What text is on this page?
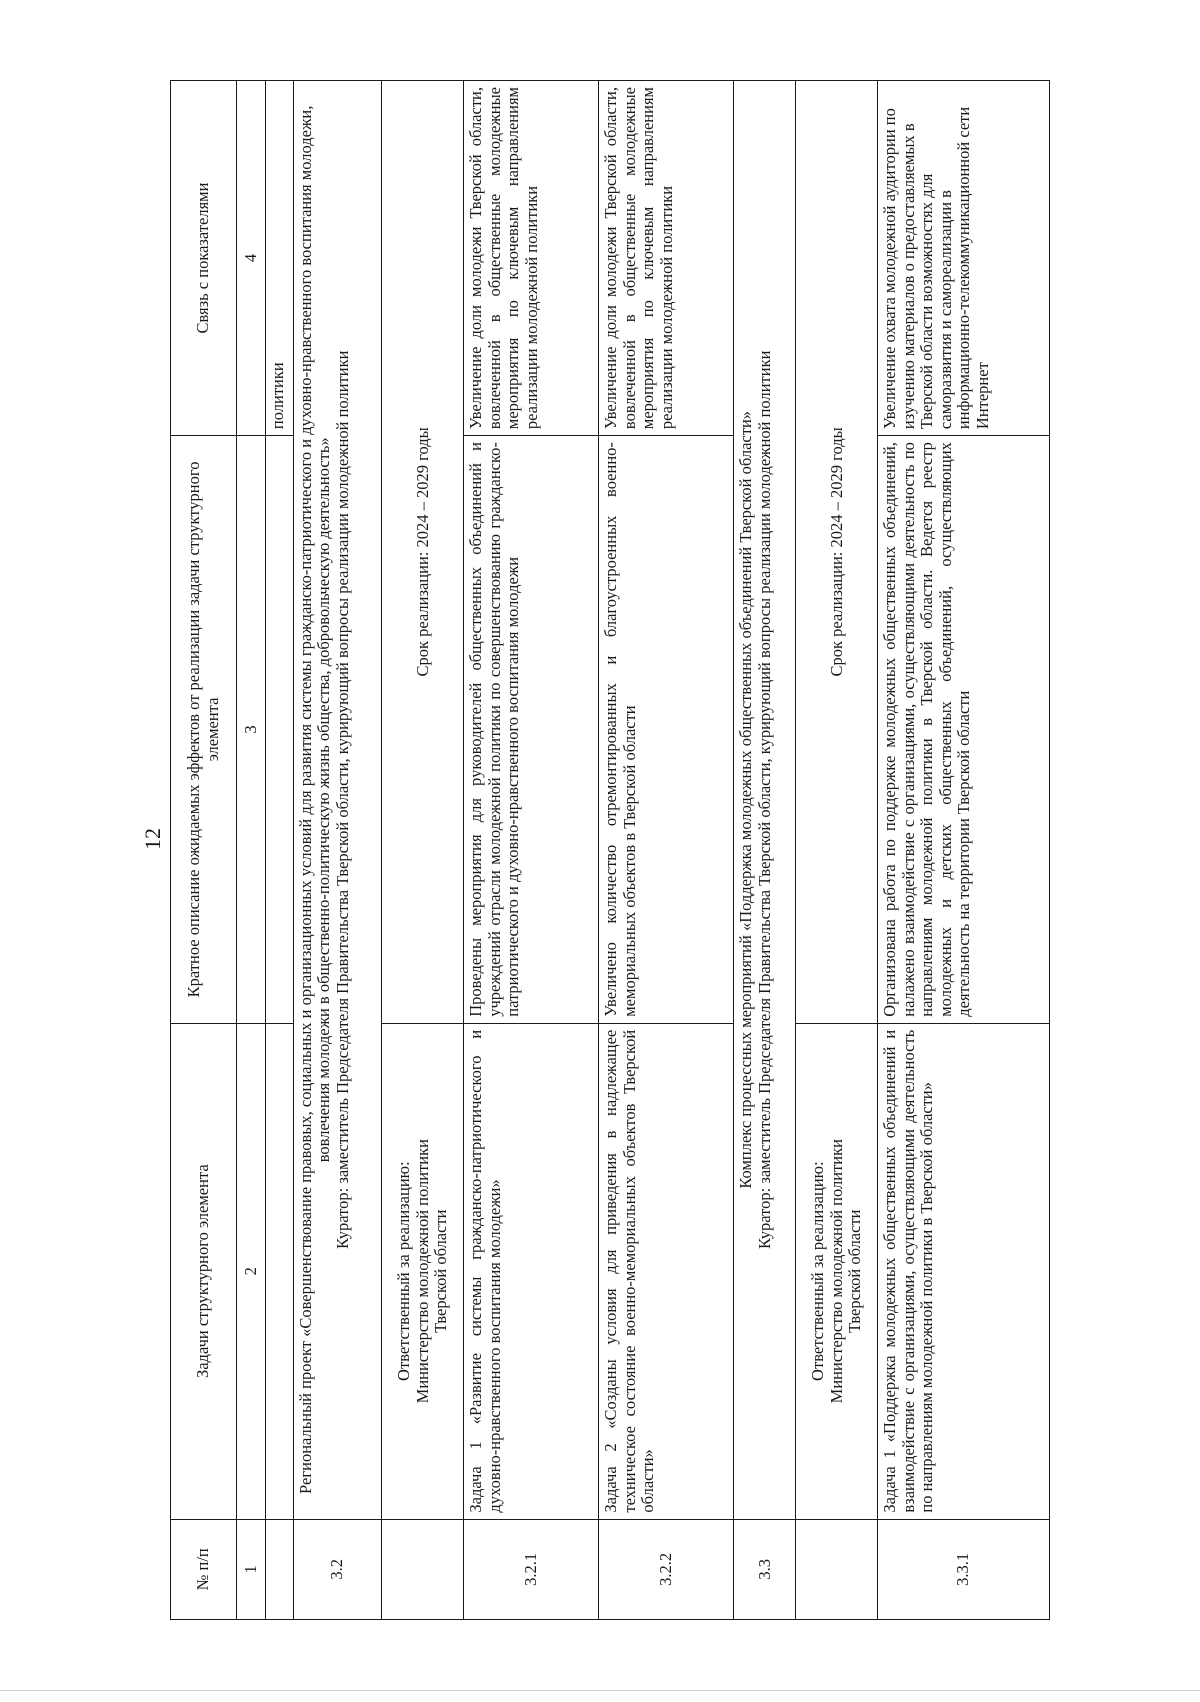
12
№ п/п	Задачи структурного элемента	Кратное описание ожидаемых эффектов от реализации задачи структурного элемента	Связь с показателями
1	2	3	4
			политики
3.2	Региональный проект «Совершенствование правовых, социальных и организационных условий для развития системы гражданско-патриотического и духовно-нравственного воспитания молодежи, вовлечения молодежи в общественно-политическую жизнь общества, добровольческую деятельность» Куратор: заместитель Председателя Правительства Тверской области, курирующий вопросы реализации молодежной политики		

	Ответственный за реализацию: Министерство молодежной политики Тверской области	Срок реализации: 2024 – 2029 годы	
3.2.1	Задача 1 «Развитие системы гражданско-патриотического и духовно-нравственного воспитания молодежи»	Проведены мероприятия для руководителей общественных объединений и учреждений отрасли молодежной политики по совершенствованию гражданско-патриотического и духовно-нравственного воспитания молодежи	Увеличение доли молодежи Тверской области, вовлеченной в общественные молодежные мероприятия по ключевым направлениям реализации молодежной политики
3.2.2	Задача 2 «Созданы условия для приведения в надлежащее техническое состояние военно-мемориальных объектов Тверской области»	Увеличено количество отремонтированных и благоустроенных военно-мемориальных объектов в Тверской области	Увеличение доли молодежи Тверской области, вовлеченной в общественные молодежные мероприятия по ключевым направлениям реализации молодежной политики
3.3	Комплекс процессных мероприятий «Поддержка молодежных общественных объединений Тверской области» Куратор: заместитель Председателя Правительства Тверской области, курирующий вопросы реализации молодежной политики		

	Ответственный за реализацию: Министерство молодежной политики Тверской области	Срок реализации: 2024 – 2029 годы	
3.3.1	Задача 1 «Поддержка молодежных общественных объединений и взаимодействие с организациями, осуществляющими деятельность по направлениям молодежной политики в Тверской области»	Организована работа по поддержке молодежных общественных объединений, налажено взаимодействие с организациями, осуществляющими деятельность по направлениям молодежной политики в Тверской области. Ведется реестр молодежных и детских общественных объединений, осуществляющих деятельность на территории Тверской области	Увеличение охвата молодежной аудитории по изучению материалов о предоставляемых в Тверской области возможностях для саморазвития и самореализации в информационно-телекоммуникационной сети Интернет
